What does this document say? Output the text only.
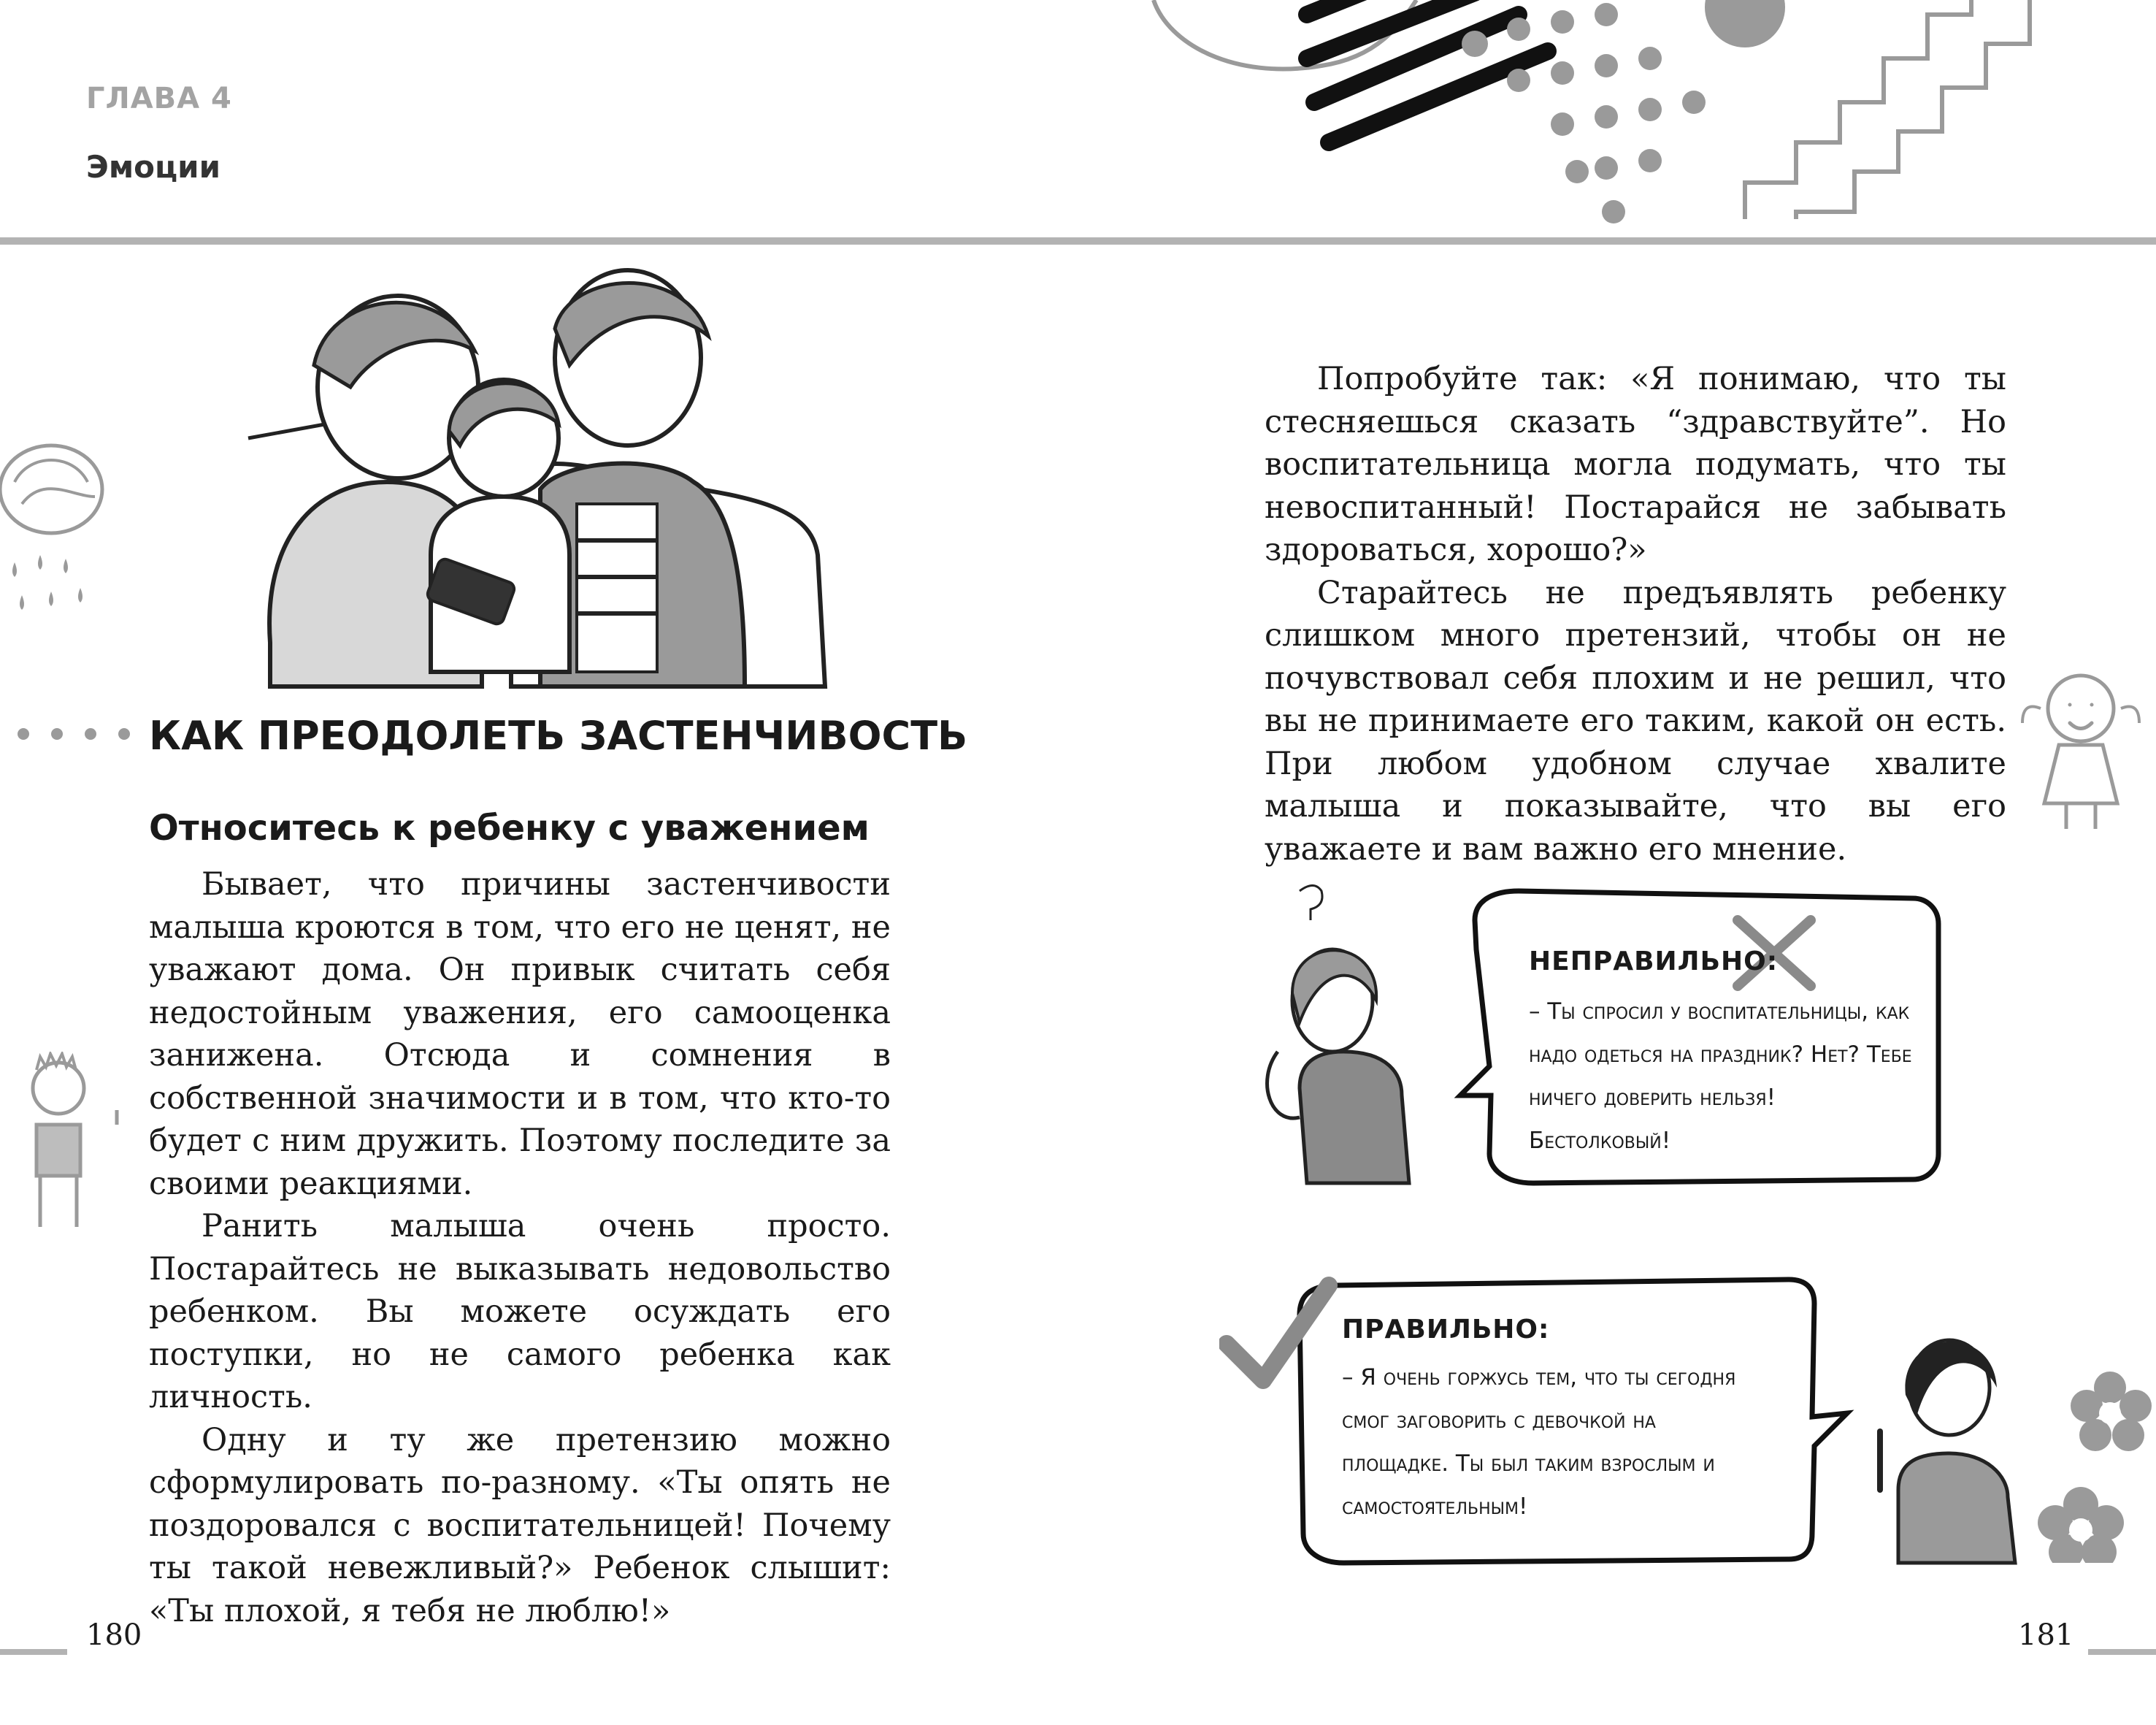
ГЛАВА 4
Эмоции
КАК ПРЕОДОЛЕТЬ ЗАСТЕНЧИВОСТЬ
Относитесь к ребенку с уважением

Бывает, что причины застенчивости малыша кроются в том, что его не ценят, не уважают дома. Он привык считать себя недостойным уважения, его самооценка занижена. Отсюда и сомнения в собственной значимости и в том, что кто-то будет с ним дружить. Поэтому последите за своими реакциями.

Ранить малыша очень просто. Постарайтесь не выказывать недовольство ребенком. Вы можете осуждать его поступки, но не самого ребенка как личность.

Одну и ту же претензию можно сформулировать по-разному. «Ты опять не поздоровался с воспитательницей! Почему ты такой невежливый?» Ребенок слышит: «Ты плохой, я тебя не люблю!»

Попробуйте так: «Я понимаю, что ты стесняешься сказать “здравствуйте”. Но воспитательница могла подумать, что ты невоспитанный! Постарайся не забывать здороваться, хорошо?»

Старайтесь не предъявлять ребенку слишком много претензий, чтобы он не почувствовал себя плохим и не решил, что вы не принимаете его таким, какой он есть. При любом удобном случае хвалите малыша и показывайте, что вы его уважаете и вам важно его мнение.

НЕПРАВИЛЬНО:
– Ты спросил у воспитательницы, как надо одеться на праздник? Нет? Тебе ничего доверить нельзя! Бестолковый!
ПРАВИЛЬНО:
– Я очень горжусь тем, что ты сегодня смог заговорить с девочкой на площадке. Ты был таким взрослым и самостоятельным!
180	181
